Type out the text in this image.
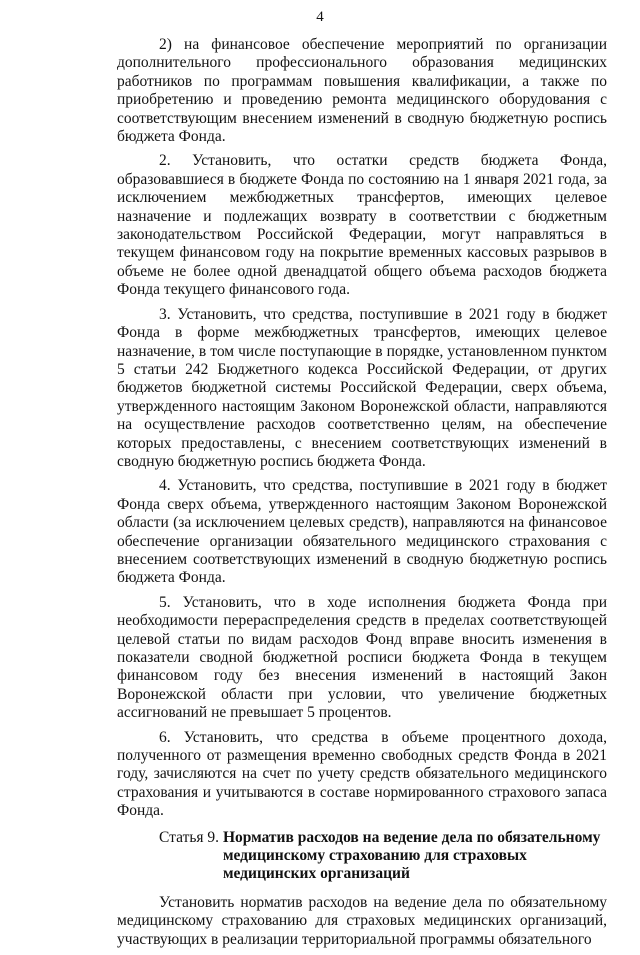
4

2) на финансовое обеспечение мероприятий по организации дополнительного профессионального образования медицинских работников по программам повышения квалификации, а также по приобретению и проведению ремонта медицинского оборудования с соответствующим внесением изменений в сводную бюджетную роспись бюджета Фонда.

2. Установить, что остатки средств бюджета Фонда, образовавшиеся в бюджете Фонда по состоянию на 1 января 2021 года, за исключением межбюджетных трансфертов, имеющих целевое назначение и подлежащих возврату в соответствии с бюджетным законодательством Российской Федерации, могут направляться в текущем финансовом году на покрытие временных кассовых разрывов в объеме не более одной двенадцатой общего объема расходов бюджета Фонда текущего финансового года.

3. Установить, что средства, поступившие в 2021 году в бюджет Фонда в форме межбюджетных трансфертов, имеющих целевое назначение, в том числе поступающие в порядке, установленном пунктом 5 статьи 242 Бюджетного кодекса Российской Федерации, от других бюджетов бюджетной системы Российской Федерации, сверх объема, утвержденного настоящим Законом Воронежской области, направляются на осуществление расходов соответственно целям, на обеспечение которых предоставлены, с внесением соответствующих изменений в сводную бюджетную роспись бюджета Фонда.

4. Установить, что средства, поступившие в 2021 году в бюджет Фонда сверх объема, утвержденного настоящим Законом Воронежской области (за исключением целевых средств), направляются на финансовое обеспечение организации обязательного медицинского страхования с внесением соответствующих изменений в сводную бюджетную роспись бюджета Фонда.

5. Установить, что в ходе исполнения бюджета Фонда при необходимости перераспределения средств в пределах соответствующей целевой статьи по видам расходов Фонд вправе вносить изменения в показатели сводной бюджетной росписи бюджета Фонда в текущем финансовом году без внесения изменений в настоящий Закон Воронежской области при условии, что увеличение бюджетных ассигнований не превышает 5 процентов.

6. Установить, что средства в объеме процентного дохода, полученного от размещения временно свободных средств Фонда в 2021 году, зачисляются на счет по учету средств обязательного медицинского страхования и учитываются в составе нормированного страхового запаса Фонда.

Статья 9.
Норматив расходов на ведение дела по обязательному медицинскому страхованию для страховых медицинских организаций

Установить норматив расходов на ведение дела по обязательному медицинскому страхованию для страховых медицинских организаций, участвующих в реализации территориальной программы обязательного
